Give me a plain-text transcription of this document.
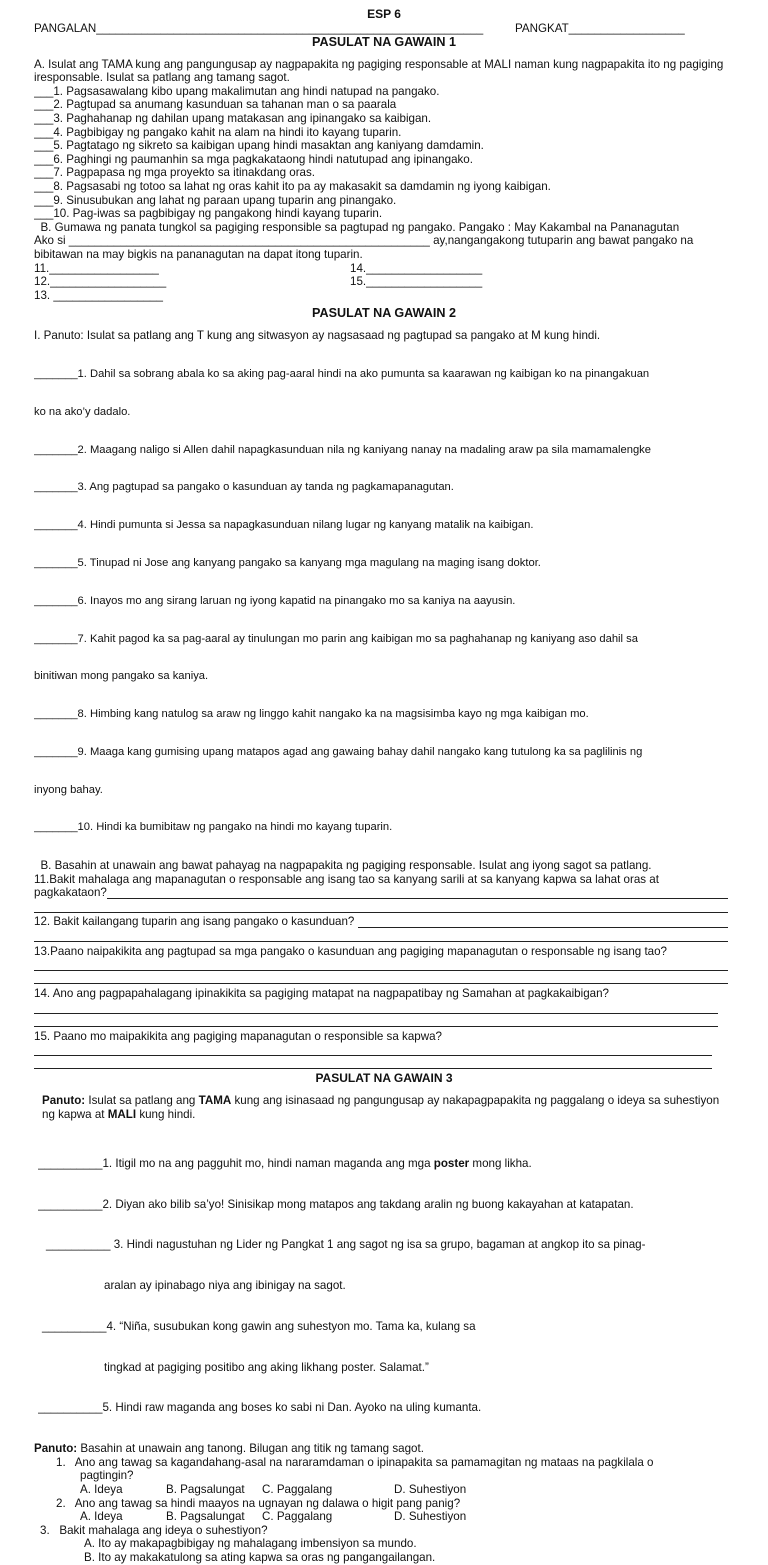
ESP 6
PANGALAN____________________________________________________________	PANGKAT__________________
PASULAT NA GAWAIN 1
A. Isulat ang TAMA kung ang pangungusap ay nagpapakita ng pagiging responsable at MALI naman kung nagpapakita ito ng pagiging iresponsable. Isulat sa patlang ang tamang sagot.
___1. Pagsasawalang kibo upang makalimutan ang hindi natupad na pangako.
___2. Pagtupad sa anumang kasunduan sa tahanan man o sa paarala
___3. Paghahanap ng dahilan upang matakasan ang ipinangako sa kaibigan.
___4. Pagbibigay ng pangako kahit na alam na hindi ito kayang tuparin.
___5. Pagtatago ng sikreto sa kaibigan upang hindi masaktan ang kaniyang damdamin.
___6. Paghingi ng paumanhin sa mga pagkakataong hindi natutupad ang ipinangako.
___7. Pagpapasa ng mga proyekto sa itinakdang oras.
___8. Pagsasabi ng totoo sa lahat ng oras kahit ito pa ay makasakit sa damdamin ng iyong kaibigan.
___9. Sinusubukan ang lahat ng paraan upang tuparin ang pinangako.
___10. Pag-iwas sa pagbibigay ng pangakong hindi kayang tuparin.
B. Gumawa ng panata tungkol sa pagiging responsible sa pagtupad ng pangako. Pangako : May Kakambal na Pananagutan
Ako si ________________________________________________________ ay,nangangakong tutuparin ang bawat pangako na
bibitawan na may bigkis na pananagutan na dapat itong tuparin.
11._________________
12.__________________
13. _________________
14.__________________
15.__________________
PASULAT NA GAWAIN 2
I. Panuto: Isulat sa patlang ang T kung ang sitwasyon ay nagsasaad ng pagtupad sa pangako at M kung hindi.

_______1. Dahil sa sobrang abala ko sa aking pag-aaral hindi na ako pumunta sa kaarawan ng kaibigan ko na pinangakuan

ko na ako’y dadalo.

_______2. Maagang naligo si Allen dahil napagkasunduan nila ng kaniyang nanay na madaling araw pa sila mamamalengke

_______3. Ang pagtupad sa pangako o kasunduan ay tanda ng pagkamapanagutan.

_______4. Hindi pumunta si Jessa sa napagkasunduan nilang lugar ng kanyang matalik na kaibigan.

_______5. Tinupad ni Jose ang kanyang pangako sa kanyang mga magulang na maging isang doktor.

_______6. Inayos mo ang sirang laruan ng iyong kapatid na pinangako mo sa kaniya na aayusin.

_______7. Kahit pagod ka sa pag-aaral ay tinulungan mo parin ang kaibigan mo sa paghahanap ng kaniyang aso dahil sa

binitiwan mong pangako sa kaniya.

_______8. Himbing kang natulog sa araw ng linggo kahit nangako ka na magsisimba kayo ng mga kaibigan mo.

_______9. Maaga kang gumising upang matapos agad ang gawaing bahay dahil nangako kang tutulong ka sa paglilinis ng

inyong bahay.

_______10. Hindi ka bumibitaw ng pangako na hindi mo kayang tuparin.

B. Basahin at unawain ang bawat pahayag na nagpapakita ng pagiging responsable. Isulat ang iyong sagot sa patlang.
11.Bakit mahalaga ang mapanagutan o responsable ang isang tao sa kanyang sarili at sa kanyang kapwa sa lahat oras at
pagkakataon?
12. Bakit kailangang tuparin ang isang pangako o kasunduan?
13.Paano naipakikita ang pagtupad sa mga pangako o kasunduan ang pagiging mapanagutan o responsable ng isang tao?
14. Ano ang pagpapahalagang ipinakikita sa pagiging matapat na nagpapatibay ng Samahan at pagkakaibigan?
15. Paano mo maipakikita ang pagiging mapanagutan o responsible sa kapwa?
PASULAT NA GAWAIN 3
Panuto: Isulat sa patlang ang TAMA kung ang isinasaad ng pangungusap ay nakapagpapakita ng paggalang o ideya sa suhestiyon ng kapwa at MALI kung hindi.

__________1. Itigil mo na ang pagguhit mo, hindi naman maganda ang mga poster mong likha.

__________2. Diyan ako bilib sa’yo! Sinisikap mong matapos ang takdang aralin ng buong kakayahan at katapatan.

__________ 3. Hindi nagustuhan ng Lider ng Pangkat 1 ang sagot ng isa sa grupo, bagaman at angkop ito sa pinag-

aralan ay ipinabago niya ang ibinigay na sagot.

__________4. “Niña, susubukan kong gawin ang suhestyon mo. Tama ka, kulang sa

tingkad at pagiging positibo ang aking likhang poster. Salamat.”

__________5. Hindi raw maganda ang boses ko sabi ni Dan. Ayoko na uling kumanta.

Panuto: Basahin at unawain ang tanong. Bilugan ang titik ng tamang sagot.
1.   Ano ang tawag sa kagandahang-asal na nararamdaman o ipinapakita sa pamamagitan ng mataas na pagkilala o
pagtingin?
A. Ideya	B. Pagsalungat	C. Paggalang	D. Suhestiyon
2.   Ano ang tawag sa hindi maayos na ugnayan ng dalawa o higit pang panig?
A. Ideya	B. Pagsalungat	C. Paggalang	D. Suhestiyon
3.   Bakit mahalaga ang ideya o suhestiyon?
A. Ito ay makapagbibigay ng mahalagang imbensiyon sa mundo.
B. Ito ay makakatulong sa ating kapwa sa oras ng pangangailangan.
